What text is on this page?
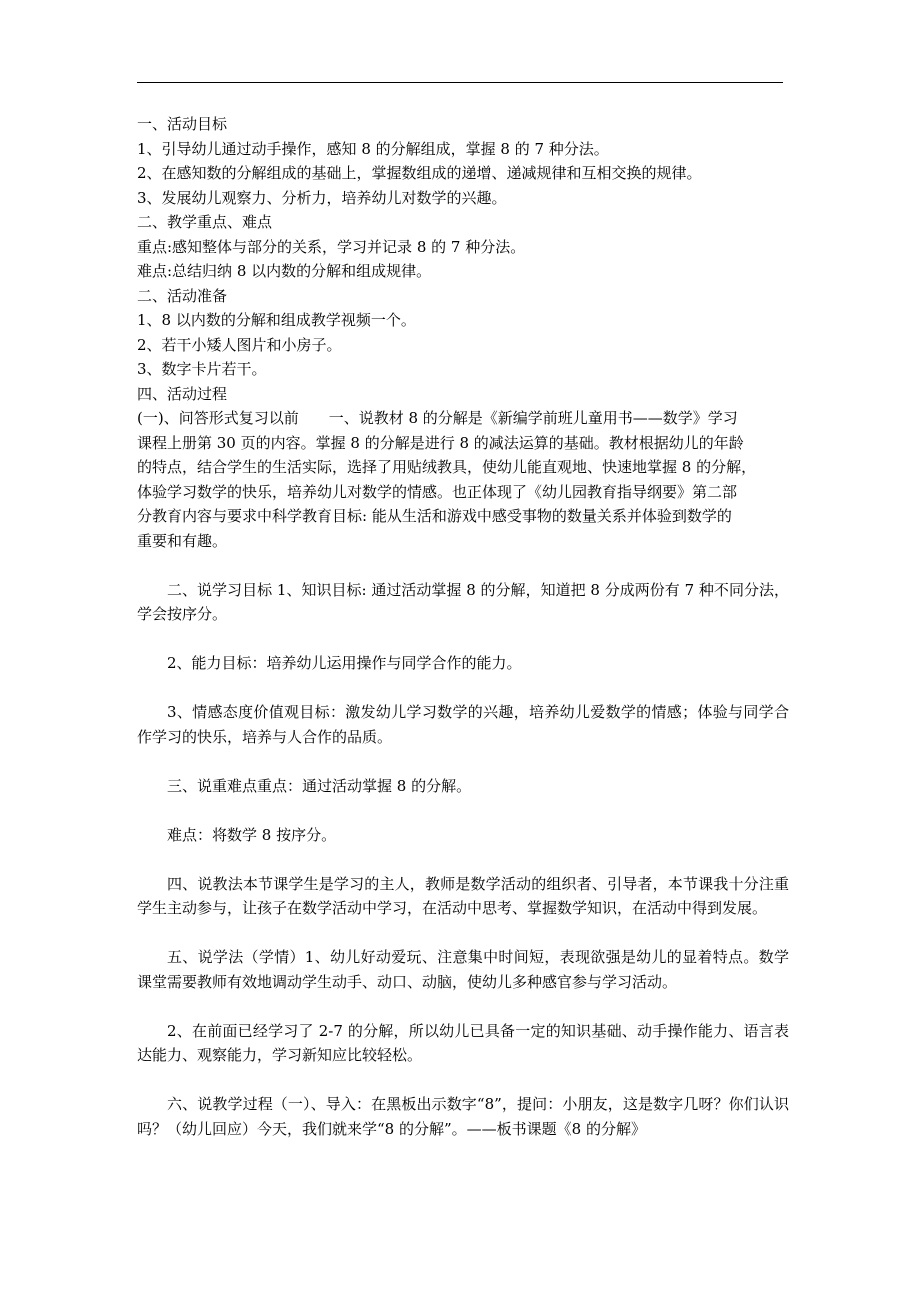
一、活动目标
1、引导幼儿通过动手操作，感知 8 的分解组成，掌握 8 的 7 种分法。
2、在感知数的分解组成的基础上，掌握数组成的递增、递减规律和互相交换的规律。
3、发展幼儿观察力、分析力，培养幼儿对数学的兴趣。
二、教学重点、难点
重点:感知整体与部分的关系，学习并记录 8 的 7 种分法。
难点:总结归纳 8 以内数的分解和组成规律。
二、活动准备
1、8 以内数的分解和组成教学视频一个。
2、若干小矮人图片和小房子。
3、数字卡片若干。
四、活动过程
(一)、问答形式复习以前　　一、说教材 8 的分解是《新编学前班儿童用书——数学》学习
课程上册第 30 页的内容。掌握 8 的分解是进行 8 的减法运算的基础。教材根据幼儿的年龄
的特点，结合学生的生活实际，选择了用贴绒教具，使幼儿能直观地、快速地掌握 8 的分解，
体验学习数学的快乐，培养幼儿对数学的情感。也正体现了《幼儿园教育指导纲要》第二部
分教育内容与要求中科学教育目标: 能从生活和游戏中感受事物的数量关系并体验到数学的
重要和有趣。

二、说学习目标 1、知识目标: 通过活动掌握 8 的分解，知道把 8 分成两份有 7 种不同分法，学会按序分。

2、能力目标：培养幼儿运用操作与同学合作的能力。

3、情感态度价值观目标：激发幼儿学习数学的兴趣，培养幼儿爱数学的情感；体验与同学合作学习的快乐，培养与人合作的品质。

三、说重难点重点：通过活动掌握 8 的分解。

难点：将数学 8 按序分。

四、说教法本节课学生是学习的主人，教师是数学活动的组织者、引导者，本节课我十分注重学生主动参与，让孩子在数学活动中学习，在活动中思考、掌握数学知识，在活动中得到发展。

五、说学法（学情）1、幼儿好动爱玩、注意集中时间短，表现欲强是幼儿的显着特点。数学课堂需要教师有效地调动学生动手、动口、动脑，使幼儿多种感官参与学习活动。

2、在前面已经学习了 2-7 的分解，所以幼儿已具备一定的知识基础、动手操作能力、语言表达能力、观察能力，学习新知应比较轻松。

六、说教学过程（一）、导入：在黑板出示数字“8”，提问：小朋友，这是数字几呀？你们认识吗？（幼儿回应）今天，我们就来学“8 的分解”。——板书课题《8 的分解》
